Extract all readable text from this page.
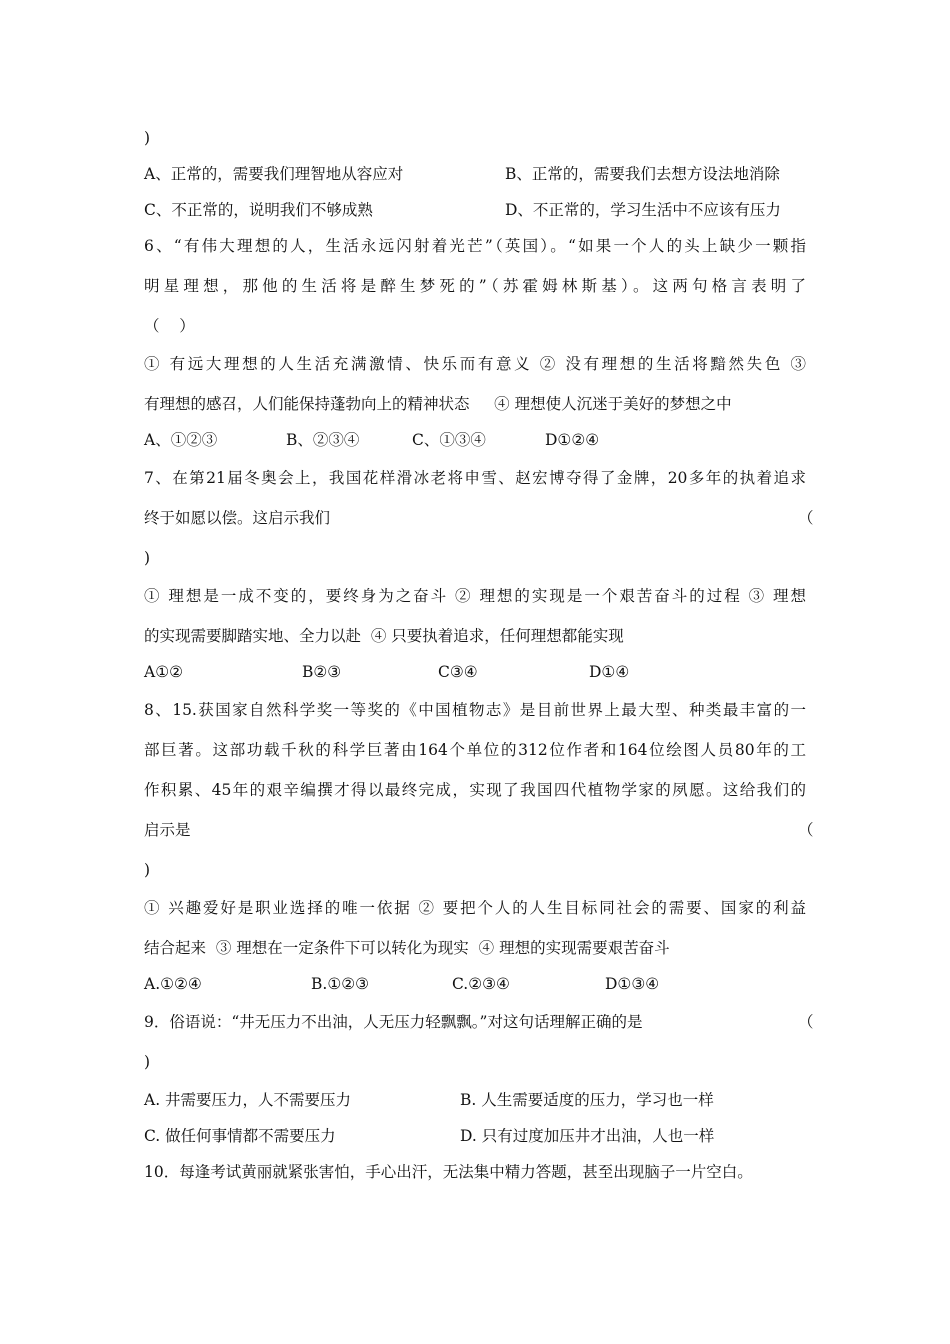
)
A、正常的，需要我们理智地从容应对	B、正常的，需要我们去想方设法地消除
C、不正常的，说明我们不够成熟	D、不正常的，学习生活中不应该有压力
6、“有伟大理想的人，生活永远闪射着光芒”（英国）。“如果一个人的头上缺少一颗指
明星理想，那他的生活将是醉生梦死的”（苏霍姆林斯基）。这两句格言表明了
（    ）
① 有远大理想的人生活充满激情、快乐而有意义 ② 没有理想的生活将黯然失色 ③
有理想的感召，人们能保持蓬勃向上的精神状态     ④ 理想使人沉迷于美好的梦想之中
A、①②③	B、②③④	C、①③④	D①②④
7、在第21届冬奥会上，我国花样滑冰老将申雪、赵宏博夺得了金牌，20多年的执着追求
终于如愿以偿。这启示我们	（
)
① 理想是一成不变的，要终身为之奋斗 ② 理想的实现是一个艰苦奋斗的过程 ③ 理想
的实现需要脚踏实地、全力以赴  ④ 只要执着追求，任何理想都能实现
A①②	B②③	C③④	D①④
8、15.获国家自然科学奖一等奖的《中国植物志》是目前世界上最大型、种类最丰富的一
部巨著。这部功载千秋的科学巨著由164个单位的312位作者和164位绘图人员80年的工
作积累、45年的艰辛编撰才得以最终完成，实现了我国四代植物学家的夙愿。这给我们的
启示是	（
)
① 兴趣爱好是职业选择的唯一依据 ② 要把个人的人生目标同社会的需要、国家的利益
结合起来  ③ 理想在一定条件下可以转化为现实  ④ 理想的实现需要艰苦奋斗
A.①②④	B.①②③	C.②③④	D①③④
9．俗语说：“井无压力不出油，人无压力轻飘飘。”对这句话理解正确的是	（
)
A. 井需要压力，人不需要压力	B. 人生需要适度的压力，学习也一样
C. 做任何事情都不需要压力	D. 只有过度加压井才出油，人也一样
10．每逢考试黄丽就紧张害怕，手心出汗，无法集中精力答题，甚至出现脑子一片空白。
